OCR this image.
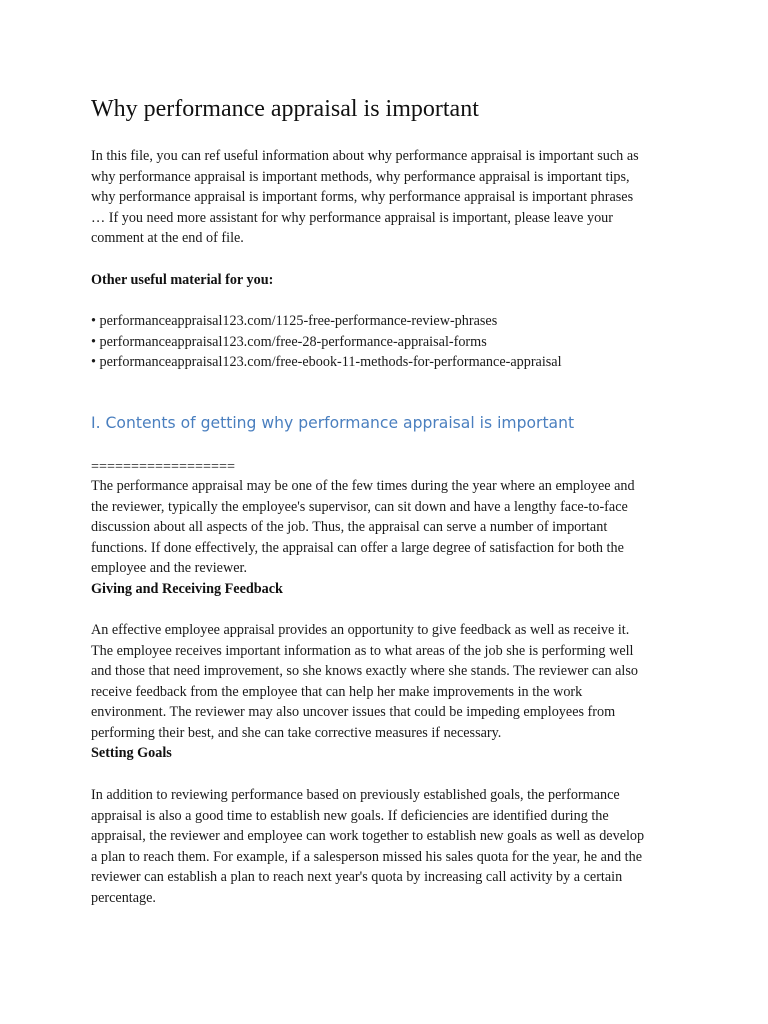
Why performance appraisal is important

In this file, you can ref useful information about why performance appraisal is important such as
why performance appraisal is important methods, why performance appraisal is important tips,
why performance appraisal is important forms, why performance appraisal is important phrases
… If you need more assistant for why performance appraisal is important, please leave your
comment at the end of file.

Other useful material for you:

• performanceappraisal123.com/1125-free-performance-review-phrases
• performanceappraisal123.com/free-28-performance-appraisal-forms
• performanceappraisal123.com/free-ebook-11-methods-for-performance-appraisal
I. Contents of getting why performance appraisal is important

==================

The performance appraisal may be one of the few times during the year where an employee and
the reviewer, typically the employee's supervisor, can sit down and have a lengthy face-to-face
discussion about all aspects of the job. Thus, the appraisal can serve a number of important
functions. If done effectively, the appraisal can offer a large degree of satisfaction for both the
employee and the reviewer.

Giving and Receiving Feedback

An effective employee appraisal provides an opportunity to give feedback as well as receive it.
The employee receives important information as to what areas of the job she is performing well
and those that need improvement, so she knows exactly where she stands. The reviewer can also
receive feedback from the employee that can help her make improvements in the work
environment. The reviewer may also uncover issues that could be impeding employees from
performing their best, and she can take corrective measures if necessary.

Setting Goals

In addition to reviewing performance based on previously established goals, the performance
appraisal is also a good time to establish new goals. If deficiencies are identified during the
appraisal, the reviewer and employee can work together to establish new goals as well as develop
a plan to reach them. For example, if a salesperson missed his sales quota for the year, he and the
reviewer can establish a plan to reach next year's quota by increasing call activity by a certain
percentage.
